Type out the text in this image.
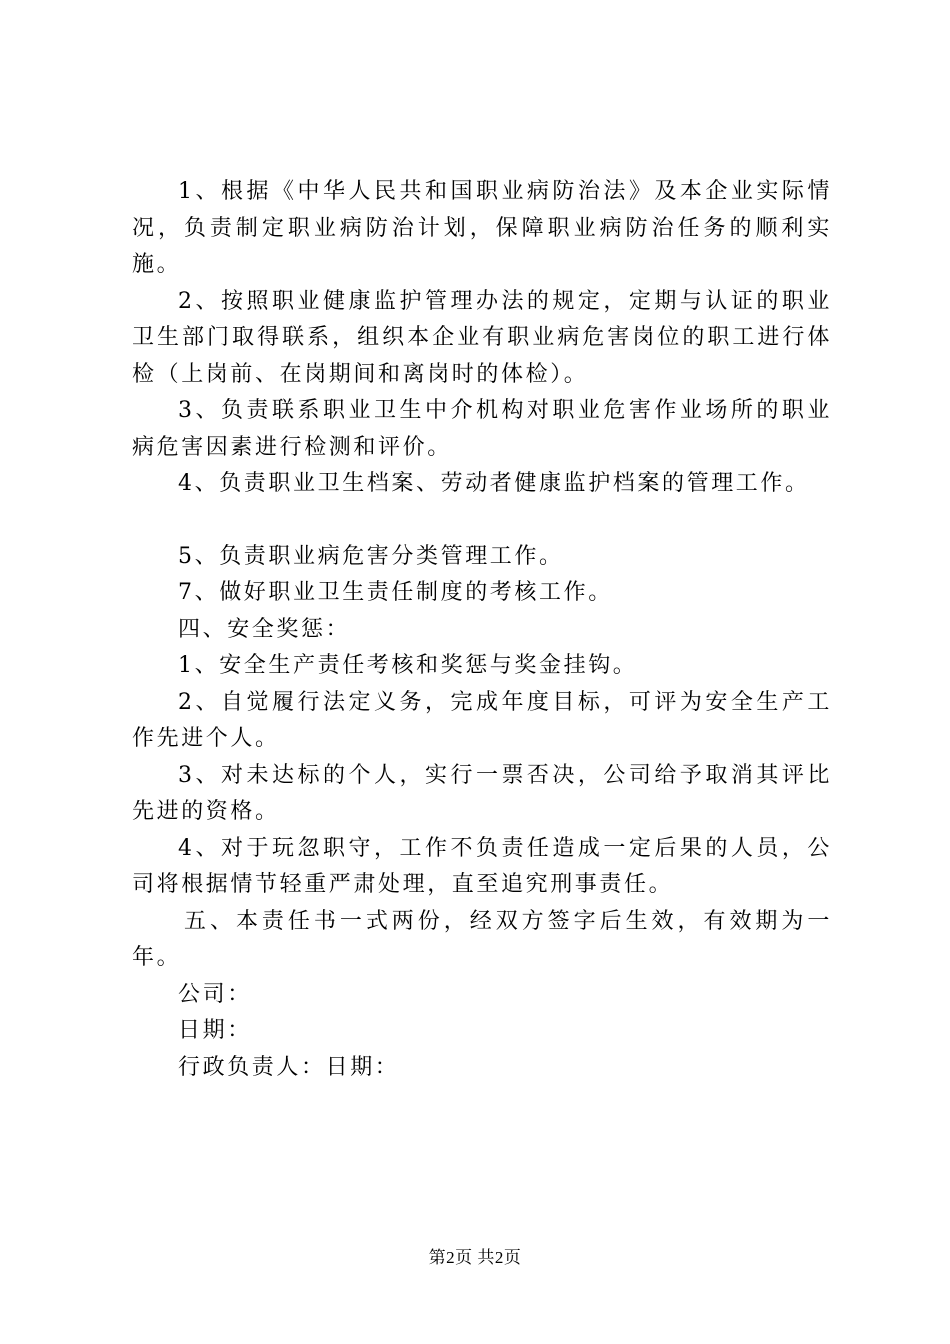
1、根据《中华人民共和国职业病防治法》及本企业实际情况，负责制定职业病防治计划，保障职业病防治任务的顺利实施。

2、按照职业健康监护管理办法的规定，定期与认证的职业卫生部门取得联系，组织本企业有职业病危害岗位的职工进行体检（上岗前、在岗期间和离岗时的体检）。

3、负责联系职业卫生中介机构对职业危害作业场所的职业病危害因素进行检测和评价。

4、负责职业卫生档案、劳动者健康监护档案的管理工作。

5、负责职业病危害分类管理工作。

7、做好职业卫生责任制度的考核工作。

四、安全奖惩：

1、安全生产责任考核和奖惩与奖金挂钩。

2、自觉履行法定义务，完成年度目标，可评为安全生产工作先进个人。

3、对未达标的个人，实行一票否决，公司给予取消其评比先进的资格。

4、对于玩忽职守，工作不负责任造成一定后果的人员，公司将根据情节轻重严肃处理，直至追究刑事责任。

五、本责任书一式两份，经双方签字后生效，有效期为一年。

公司：

日期：

行政负责人：日期：

第2页 共2页
